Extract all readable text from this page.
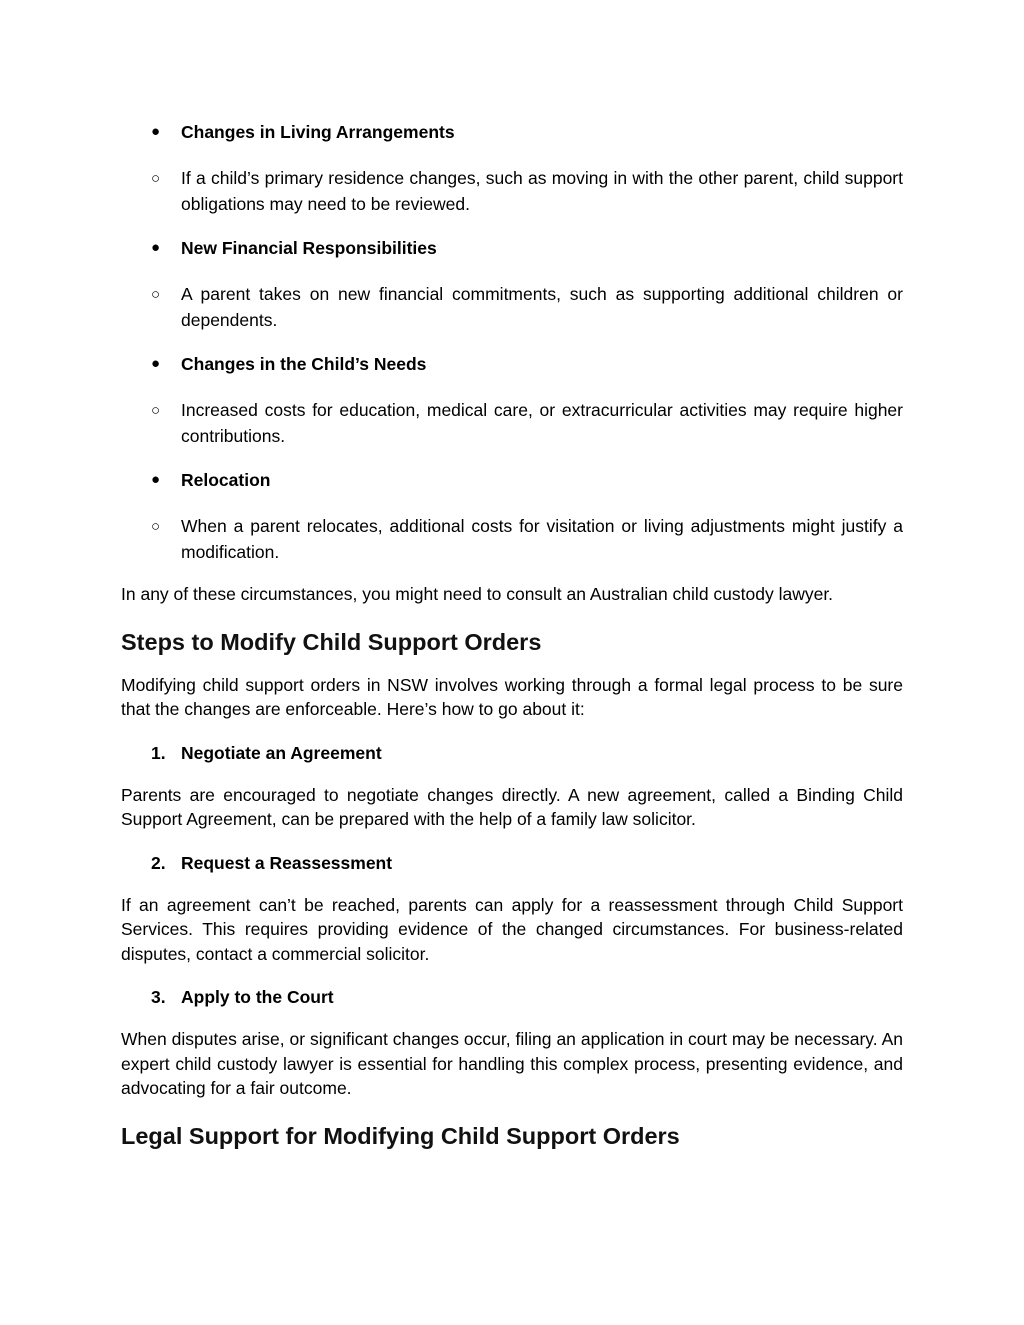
● Changes in Living Arrangements
○ If a child’s primary residence changes, such as moving in with the other parent, child support obligations may need to be reviewed.
● New Financial Responsibilities
○ A parent takes on new financial commitments, such as supporting additional children or dependents.
● Changes in the Child’s Needs
○ Increased costs for education, medical care, or extracurricular activities may require higher contributions.
● Relocation
○ When a parent relocates, additional costs for visitation or living adjustments might justify a modification.

In any of these circumstances, you might need to consult an Australian child custody lawyer.

Steps to Modify Child Support Orders

Modifying child support orders in NSW involves working through a formal legal process to be sure that the changes are enforceable. Here’s how to go about it:

1. Negotiate an Agreement

Parents are encouraged to negotiate changes directly. A new agreement, called a Binding Child Support Agreement, can be prepared with the help of a family law solicitor.

2. Request a Reassessment

If an agreement can’t be reached, parents can apply for a reassessment through Child Support Services. This requires providing evidence of the changed circumstances. For business-related disputes, contact a commercial solicitor.

3. Apply to the Court

When disputes arise, or significant changes occur, filing an application in court may be necessary. An expert child custody lawyer is essential for handling this complex process, presenting evidence, and advocating for a fair outcome.

Legal Support for Modifying Child Support Orders
